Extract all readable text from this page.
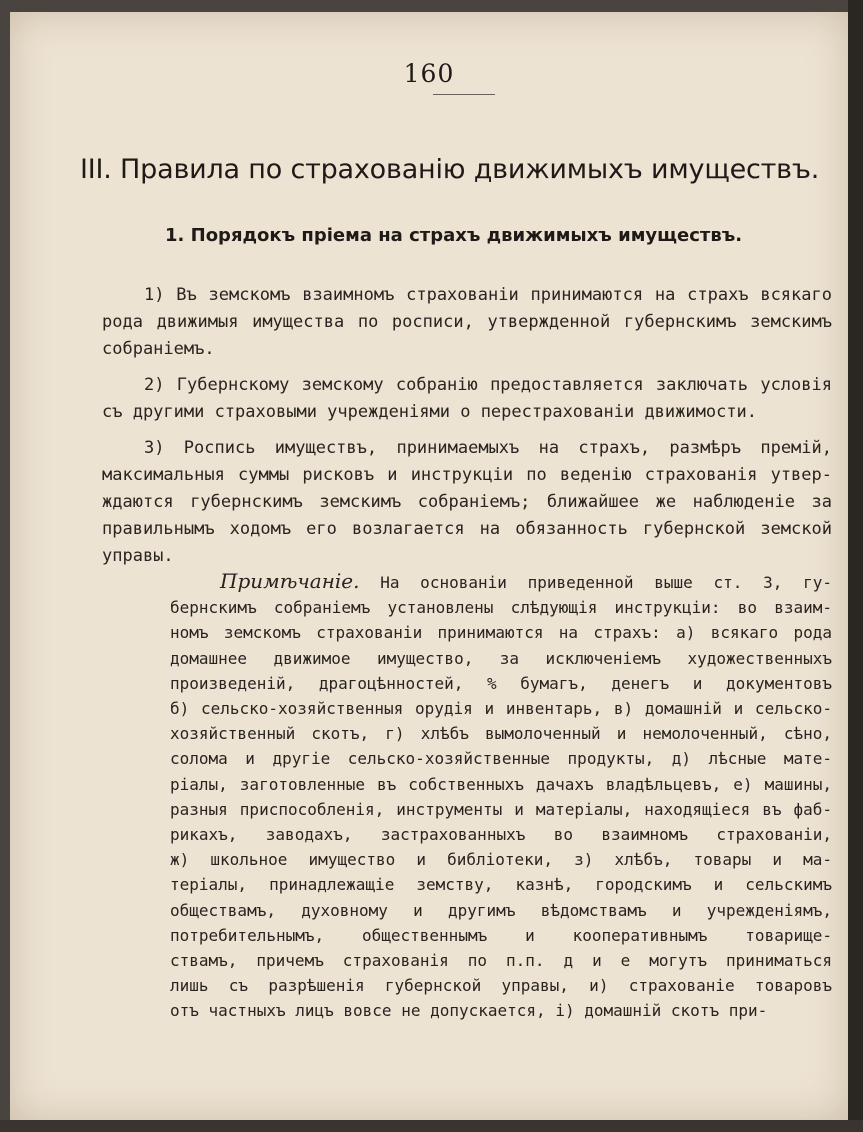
160
III. Правила по страхованію движимыхъ имуществъ.
1. Порядокъ пріема на страхъ движимыхъ имуществъ.
1) Въ земскомъ взаимномъ страхованіи принимаются на страхъ всякаго
рода движимыя имущества по росписи, утвержденной губернскимъ земскимъ
собраніемъ.
2) Губернскому земскому собранію предоставляется заключать условія
съ другими страховыми учрежденіями о перестрахованіи движимости.
3) Роспись имуществъ, принимаемыхъ на страхъ, размѣръ премій,
максимальныя суммы рисковъ и инструкціи по веденію страхованія утвер-
ждаются губернскимъ земскимъ собраніемъ; ближайшее же наблюденіе за
правильнымъ ходомъ его возлагается на обязанность губернской земской
управы.
Примѣчаніе. На основаніи приведенной выше ст. 3, гу-
бернскимъ собраніемъ установлены слѣдующія инструкціи: во взаим-
номъ земскомъ страхованіи принимаются на страхъ: а) всякаго рода
домашнее движимое имущество, за исключеніемъ художественныхъ
произведеній, драгоцѣнностей, % бумагъ, денегъ и документовъ
б) сельско-хозяйственныя орудія и инвентарь, в) домашній и сельско-
хозяйственный скотъ, г) хлѣбъ вымолоченный и немолоченный, сѣно,
солома и другіе сельско-хозяйственные продукты, д) лѣсные мате-
ріалы, заготовленные въ собственныхъ дачахъ владѣльцевъ, е) машины,
разныя приспособленія, инструменты и матеріалы, находящіеся въ фаб-
рикахъ, заводахъ, застрахованныхъ во взаимномъ страхованіи,
ж) школьное имущество и библіотеки, з) хлѣбъ, товары и ма-
теріалы, принадлежащіе земству, казнѣ, городскимъ и сельскимъ
обществамъ, духовному и другимъ вѣдомствамъ и учрежденіямъ,
потребительнымъ, общественнымъ и кооперативнымъ товарище-
ствамъ, причемъ страхованія по п.п. д и е могутъ приниматься
лишь съ разрѣшенія губернской управы, и) страхованіе товаровъ
отъ частныхъ лицъ вовсе не допускается, і) домашній скотъ при-
